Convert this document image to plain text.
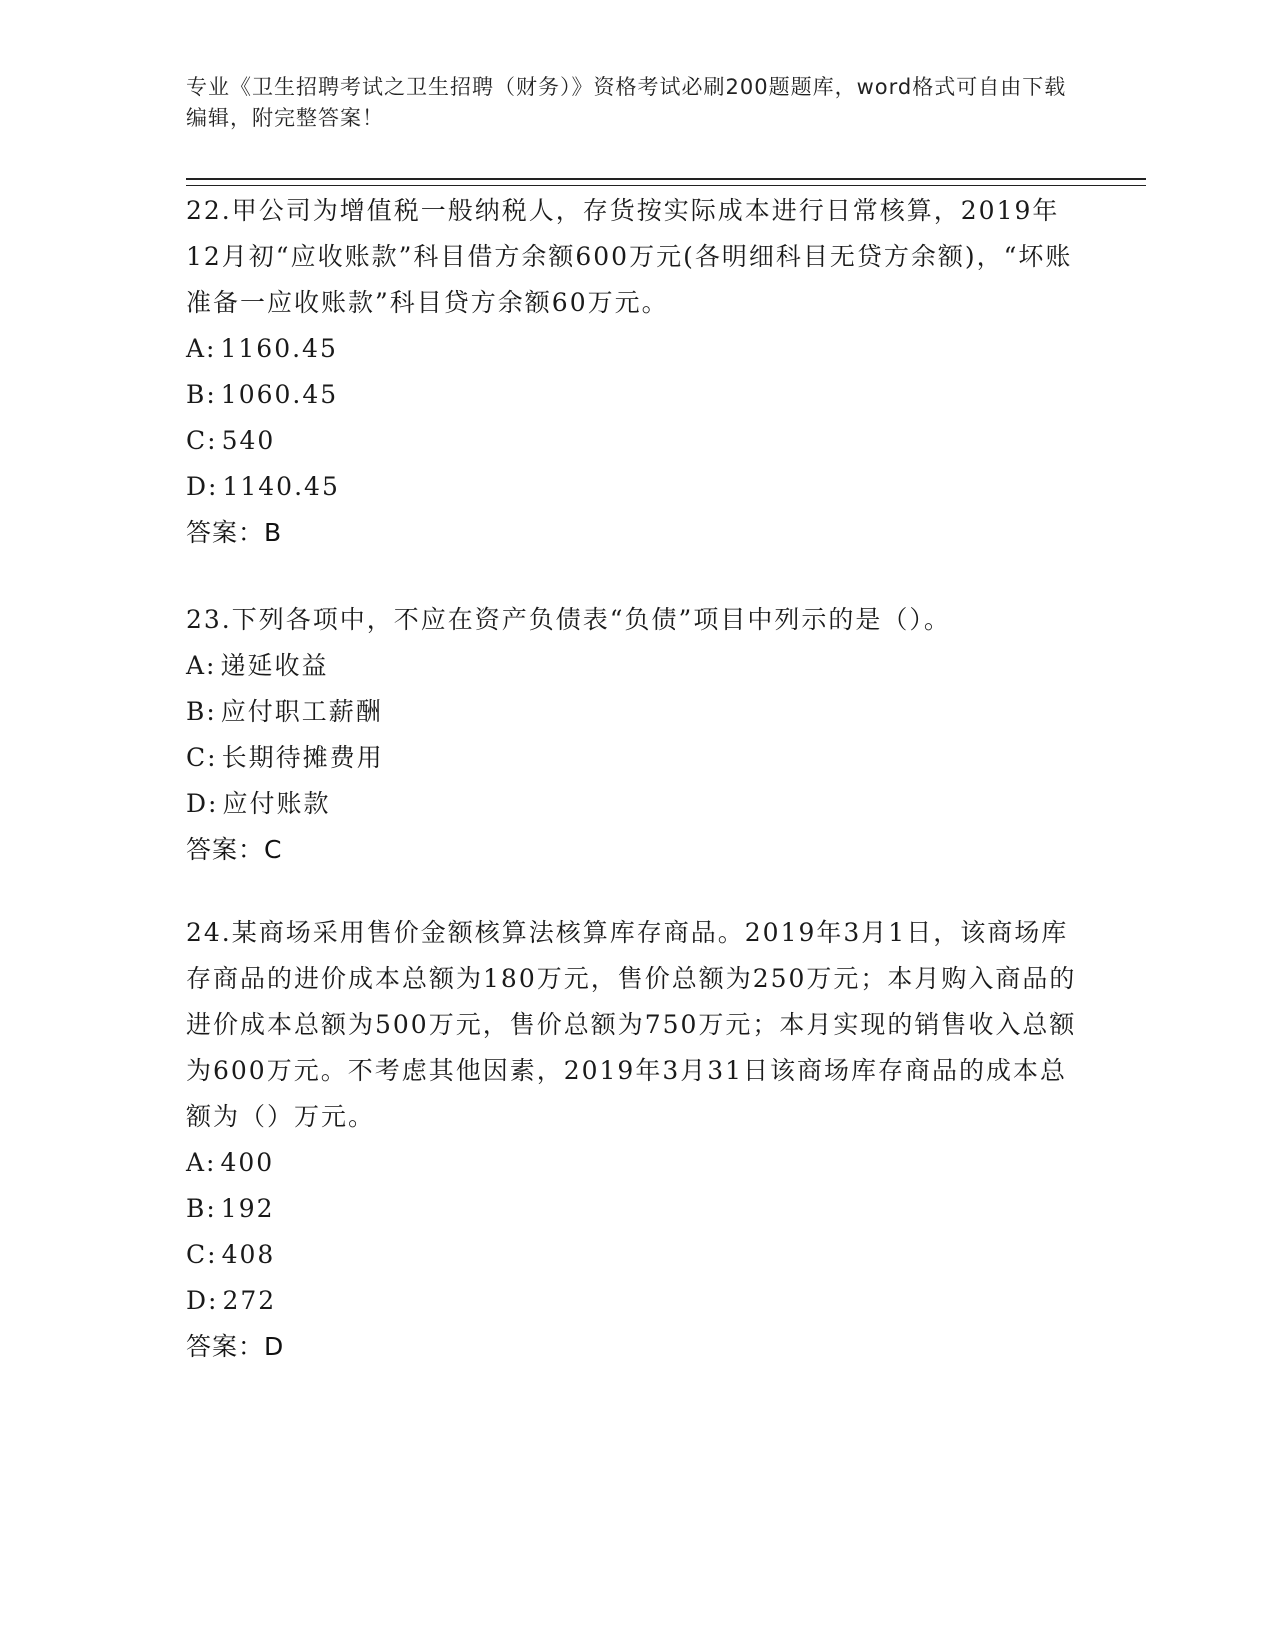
专业《卫生招聘考试之卫生招聘（财务）》资格考试必刷200题题库，word格式可自由下载编辑，附完整答案！

22.甲公司为增值税一般纳税人，存货按实际成本进行日常核算，2019年12月初“应收账款”科目借方余额600万元(各明细科目无贷方余额)，“坏账准备一应收账款”科目贷方余额60万元。

A: 1160.45

B: 1060.45

C: 540

D: 1140.45

答案：B

23.下列各项中，不应在资产负债表“负债”项目中列示的是（）。

A: 递延收益

B: 应付职工薪酬

C: 长期待摊费用

D: 应付账款

答案：C

24.某商场采用售价金额核算法核算库存商品。2019年3月1日，该商场库存商品的进价成本总额为180万元，售价总额为250万元；本月购入商品的进价成本总额为500万元，售价总额为750万元；本月实现的销售收入总额为600万元。不考虑其他因素，2019年3月31日该商场库存商品的成本总额为（）万元。

A: 400

B: 192

C: 408

D: 272

答案：D
